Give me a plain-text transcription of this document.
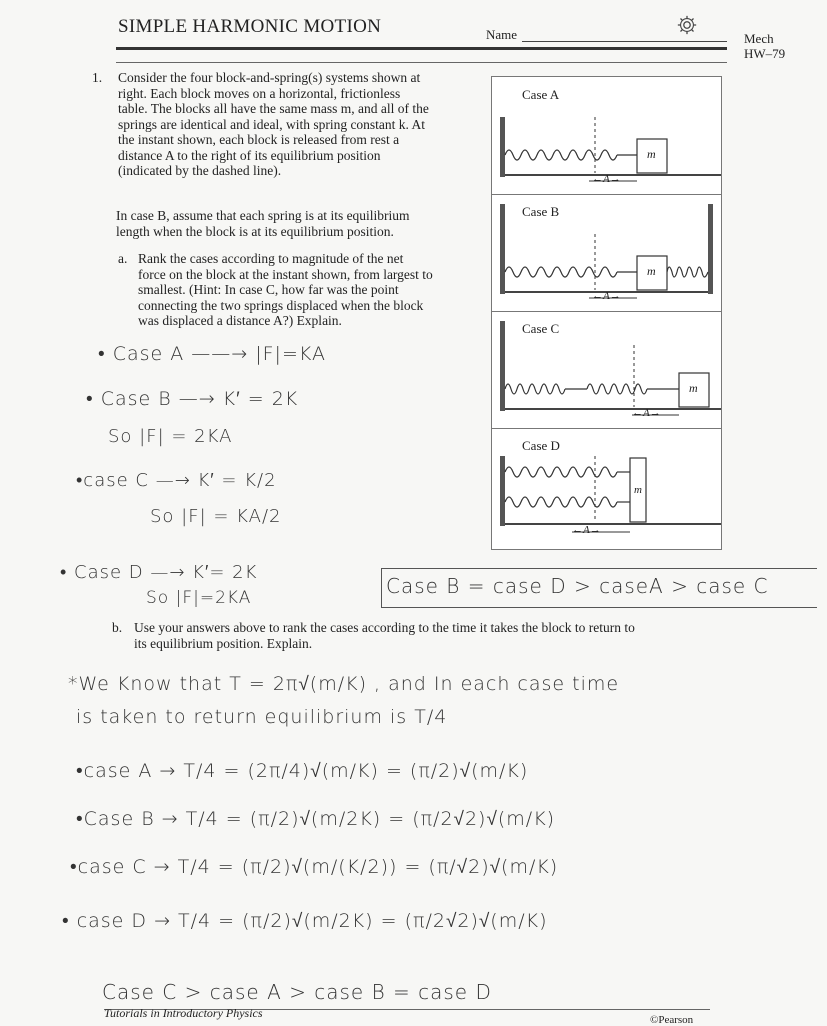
SIMPLE HARMONIC MOTION	Name	Mech
HW–79
1. Consider the four block-and-spring(s) systems shown at
right. Each block moves on a horizontal, frictionless
table. The blocks all have the same mass m, and all of the
springs are identical and ideal, with spring constant k. At
the instant shown, each block is released from rest a
distance A to the right of its equilibrium position
(indicated by the dashed line).
In case B, assume that each spring is at its equilibrium
length when the block is at its equilibrium position.
a. Rank the cases according to magnitude of the net
force on the block at the instant shown, from largest to
smallest. (Hint: In case C, how far was the point
connecting the two springs displaced when the block
was displaced a distance A?) Explain.
Case A
m
←A→
Case B
m
←A→
Case C
m
←A→
Case D
m
←A→
• Case A ——→ |F|=KA
• Case B —→ K′ = 2K
So |F| = 2KA
•case C —→ K′ = K/2
So |F| = KA/2
• Case D —→ K′= 2K
So |F|=2KA	Case B = case D > caseA > case C
b. Use your answers above to rank the cases according to the time it takes the block to return to
its equilibrium position. Explain.
*We Know that T = 2π√(m/K) , and In each case time
is taken to return equilibrium is T/4
•case A → T/4 = (2π/4)√(m/K) = (π/2)√(m/K)
•Case B → T/4 = (π/2)√(m/2K) = (π/2√2)√(m/K)
•case C → T/4 = (π/2)√(m/(K/2)) = (π/√2)√(m/K)
• case D → T/4 = (π/2)√(m/2K) = (π/2√2)√(m/K)
Case C > case A > case B = case D
Tutorials in Introductory Physics	©Pearson
